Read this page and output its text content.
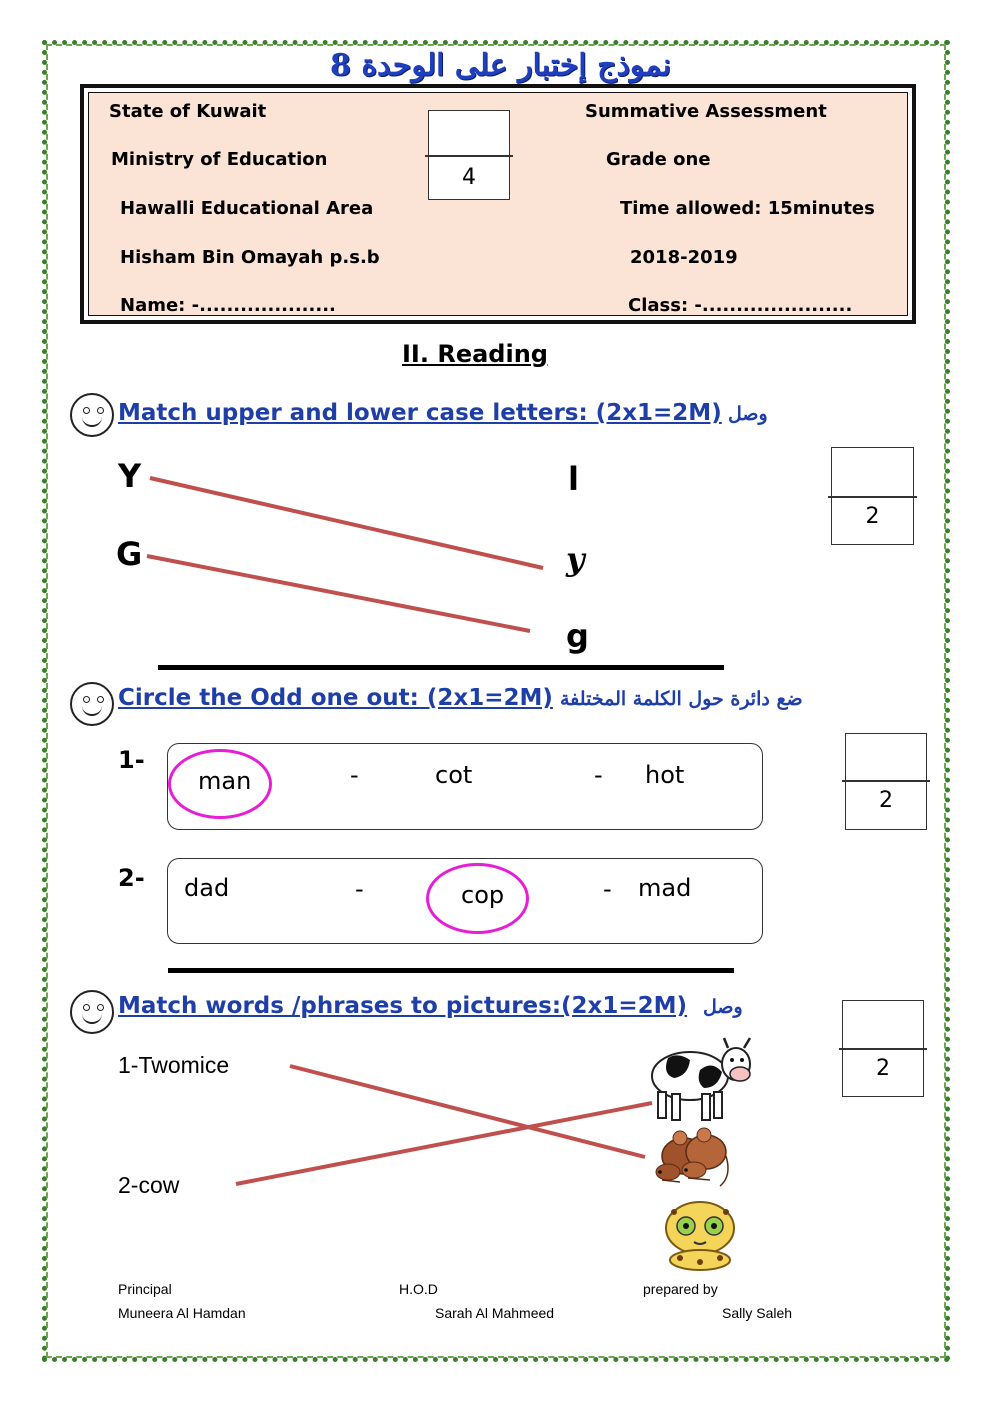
نموذج إختبار على الوحدة 8
State of Kuwait
Ministry of Education
Hawalli Educational Area
Hisham Bin Omayah p.s.b
Name: -....................
Summative Assessment
Grade one
Time allowed: 15minutes
2018-2019
Class: -......................
4
II. Reading
Match upper and lower case letters: (2x1=2M) وصل
2
Y
G
l
y
g
Circle the Odd one out: (2x1=2M) ضع دائرة حول الكلمة المختلفة
2
1-
man	-	cot	- hot
2- dad	-	cop	- mad
Match words /phrases to pictures:(2x1=2M) وصل
2
1-Twomice
2-cow
Principal	H.O.D	prepared by
Muneera Al Hamdan	Sarah Al Mahmeed	Sally Saleh
